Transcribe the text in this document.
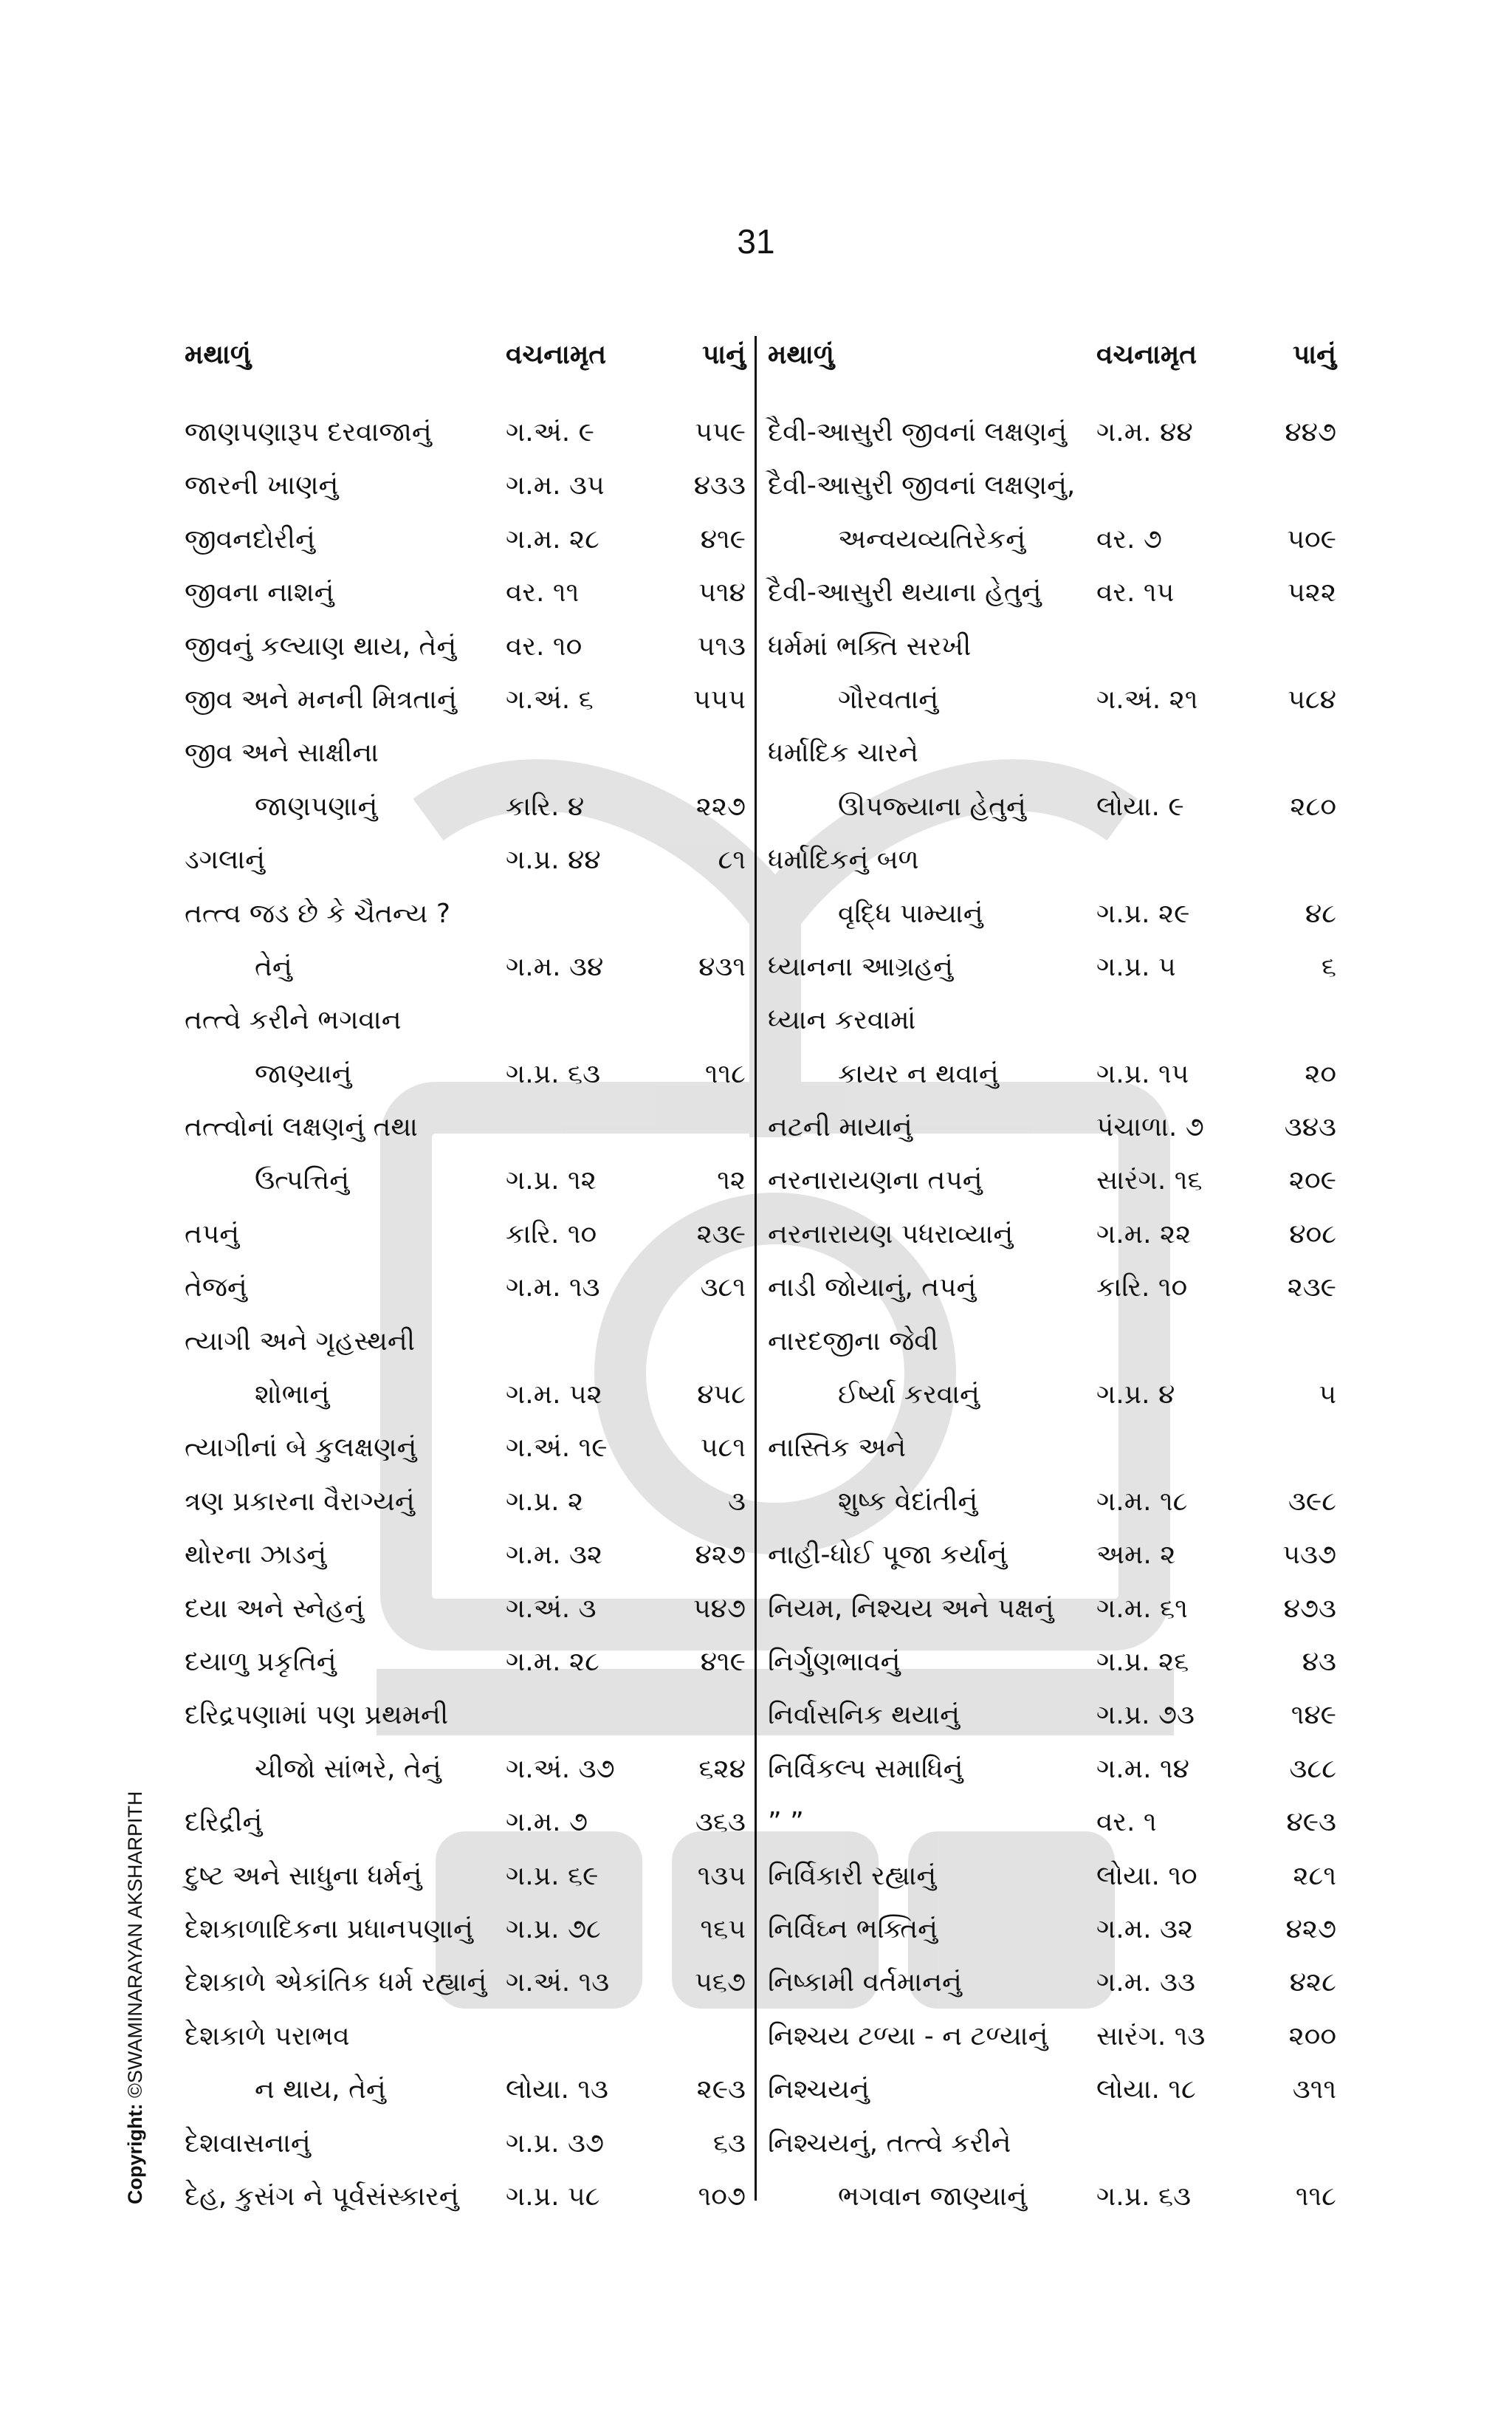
31
Copyright: ©SWAMINARAYAN AKSHARPITH
મથાળું	વચનામૃત	પાનું
જાણપણારૂપ દરવાજાનું	ગ.અં. ૯	૫૫૯
જારની ખાણનું	ગ.મ. ૩૫	૪૩૩
જીવનદોરીનું	ગ.મ. ૨૮	૪૧૯
જીવના નાશનું	વર. ૧૧	૫૧૪
જીવનું કલ્યાણ થાય, તેનું વર. ૧૦	૫૧૩
જીવ અને મનની મિત્રતાનું ગ.અં. ૬	૫૫૫
જીવ અને સાક્ષીના
જાણપણાનું	કારિ. ૪	૨૨૭
ડગલાનું	ગ.પ્ર. ૪૪	૮૧
તત્ત્વ જડ છે કે ચૈતન્ય ?
તેનું	ગ.મ. ૩૪	૪૩૧
તત્ત્વે કરીને ભગવાન
જાણ્યાનું	ગ.પ્ર. ૬૩	૧૧૮
તત્ત્વોનાં લક્ષણનું તથા
ઉત્પત્તિનું	ગ.પ્ર. ૧૨	૧૨
તપનું	કારિ. ૧૦	૨૩૯
તેજનું	ગ.મ. ૧૩	૩૮૧
ત્યાગી અને ગૃહસ્થની
શોભાનું	ગ.મ. ૫૨	૪૫૮
ત્યાગીનાં બે કુલક્ષણનું	ગ.અં. ૧૯	૫૮૧
ત્રણ પ્રકારના વૈરાગ્યનું	ગ.પ્ર. ૨	૩
થોરના ઝાડનું	ગ.મ. ૩૨	૪૨૭
દયા અને સ્નેહનું	ગ.અં. ૩	૫૪૭
દયાળુ પ્રકૃતિનું	ગ.મ. ૨૮	૪૧૯
દરિદ્રપણામાં પણ પ્રથમની
ચીજો સાંભરે, તેનું ગ.અં. ૩૭	૬૨૪
દરિદ્રીનું	ગ.મ. ૭	૩૬૩
દુષ્ટ અને સાધુના ધર્મનું	ગ.પ્ર. ૬૯	૧૩૫
દેશકાળાદિકના પ્રધાનપણાનું ગ.પ્ર. ૭૮	૧૬૫
દેશકાળે એકાંતિક ધર્મ રહ્યાનું ગ.અં. ૧૩	૫૬૭
દેશકાળે પરાભવ
ન થાય, તેનું	લોયા. ૧૩	૨૯૩
દેશવાસનાનું	ગ.પ્ર. ૩૭	૬૩
દેહ, કુસંગ ને પૂર્વસંસ્કારનું ગ.પ્ર. ૫૮	૧૦૭
મથાળું	વચનામૃત	પાનું
દૈવી-આસુરી જીવનાં લક્ષણનું ગ.મ. ૪૪	૪૪૭
દૈવી-આસુરી જીવનાં લક્ષણનું,
અન્વયવ્યતિરેકનું	વર. ૭	૫૦૯
દૈવી-આસુરી થયાના હેતુનું વર. ૧૫	૫૨૨
ધર્મમાં ભક્તિ સરખી
ગૌરવતાનું	ગ.અં. ૨૧	૫૮૪
ધર્માદિક ચારને
ઊપજ્યાના હેતુનું	લોયા. ૯	૨૮૦
ધર્માદિકનું બળ
વૃદ્ધિ પામ્યાનું	ગ.પ્ર. ૨૯	૪૮
ધ્યાનના આગ્રહનું	ગ.પ્ર. ૫	૬
ધ્યાન કરવામાં
કાયર ન થવાનું	ગ.પ્ર. ૧૫	૨૦
નટની માયાનું	પંચાળા. ૭	૩૪૩
નરનારાયણના તપનું	સારંગ. ૧૬	૨૦૯
નરનારાયણ પધરાવ્યાનું	ગ.મ. ૨૨	૪૦૮
નાડી જોયાનું, તપનું	કારિ. ૧૦	૨૩૯
નારદજીના જેવી
ઈર્ષ્યા કરવાનું	ગ.પ્ર. ૪	૫
નાસ્તિક અને
શુષ્ક વેદાંતીનું	ગ.મ. ૧૮	૩૯૮
નાહી-ધોઈ પૂજા કર્યાનું	અમ. ૨	૫૩૭
નિયમ, નિશ્ચય અને પક્ષનું ગ.મ. ૬૧	૪૭૩
નિર્ગુણભાવનું	ગ.પ્ર. ૨૬	૪૩
નિર્વાસનિક થયાનું	ગ.પ્ર. ૭૩	૧૪૯
નિર્વિકલ્પ સમાધિનું	ગ.મ. ૧૪	૩૮૮
” ”	વર. ૧	૪૯૩
નિર્વિકારી રહ્યાનું	લોયા. ૧૦	૨૮૧
નિર્વિઘ્ન ભક્તિનું	ગ.મ. ૩૨	૪૨૭
નિષ્કામી વર્તમાનનું	ગ.મ. ૩૩	૪૨૮
નિશ્ચય ટળ્યા - ન ટળ્યાનું સારંગ. ૧૩	૨૦૦
નિશ્ચયનું	લોયા. ૧૮	૩૧૧
નિશ્ચયનું, તત્ત્વે કરીને
ભગવાન જાણ્યાનું	ગ.પ્ર. ૬૩	૧૧૮
